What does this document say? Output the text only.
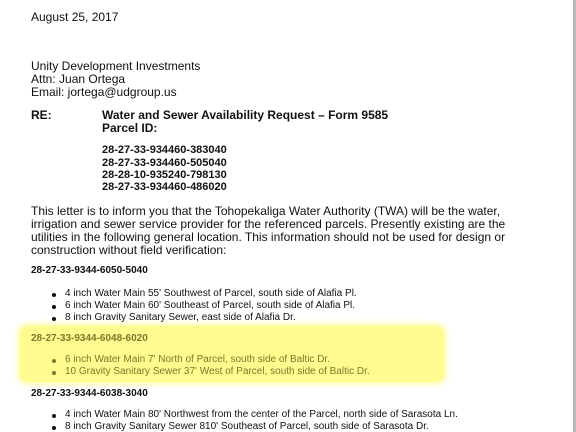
August 25, 2017
Unity Development Investments
Attn: Juan Ortega
Email: jortega@udgroup.us
RE:	Water and Sewer Availability Request – Form 9585
Parcel ID:
28-27-33-934460-383040
28-27-33-934460-505040
28-28-10-935240-798130
28-27-33-934460-486020
This letter is to inform you that the Tohopekaliga Water Authority (TWA) will be the water,
irrigation and sewer service provider for the referenced parcels. Presently existing are the
utilities in the following general location. This information should not be used for design or
construction without field verification:
28-27-33-9344-6050-5040
4 inch Water Main 55' Southwest of Parcel, south side of Alafia Pl.
6 inch Water Main 60' Southeast of Parcel, south side of Alafia Pl.
8 inch Gravity Sanitary Sewer, east side of Alafia Dr.
28-27-33-9344-6048-6020
6 inch Water Main 7' North of Parcel, south side of Baltic Dr.
10 Gravity Sanitary Sewer 37' West of Parcel, south side of Baltic Dr.
28-27-33-9344-6038-3040
4 inch Water Main 80' Northwest from the center of the Parcel, north side of Sarasota Ln.
8 inch Gravity Sanitary Sewer 810' Southeast of Parcel, south side of Sarasota Dr.
